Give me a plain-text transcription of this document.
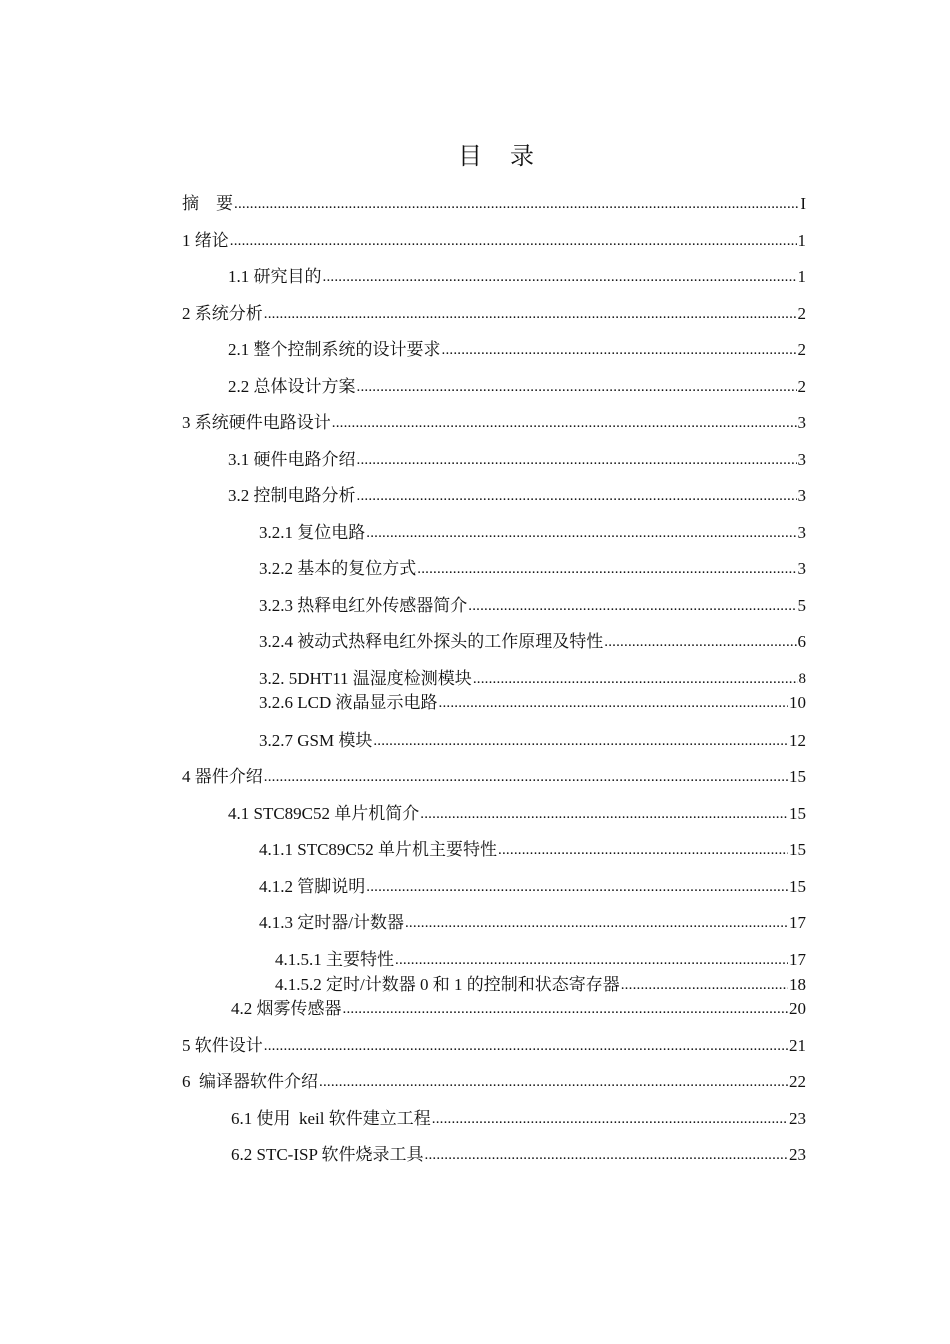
目　录
摘　要 .....	I
1 绪论 .....	1
1.1 研究目的 .....	1
2 系统分析 .....	2
2.1 整个控制系统的设计要求 .....	2
2.2 总体设计方案 .....	2
3 系统硬件电路设计 .....	3
3.1 硬件电路介绍 .....	3
3.2 控制电路分析 .....	3
3.2.1 复位电路 .....	3
3.2.2 基本的复位方式 .....	3
3.2.3 热释电红外传感器简介 .....	5
3.2.4 被动式热释电红外探头的工作原理及特性 .....	6
3.2. 5DHT11 温湿度检测模块 .....	8
3.2.6 LCD 液晶显示电路 .....	10
3.2.7 GSM 模块 .....	12
4 器件介绍 .....	15
4.1 STC89C52 单片机简介 .....	15
4.1.1 STC89C52 单片机主要特性 .....	15
4.1.2 管脚说明 .....	15
4.1.3 定时器/计数器 .....	17
4.1.5.1 主要特性 .....	17
4.1.5.2 定时/计数器 0 和 1 的控制和状态寄存器 .....	18
4.2 烟雾传感器 .....	20
5 软件设计 .....	21
6  编译器软件介绍 .....	22
6.1 使用  keil 软件建立工程 .....	23
6.2 STC-ISP 软件烧录工具 .....	23
